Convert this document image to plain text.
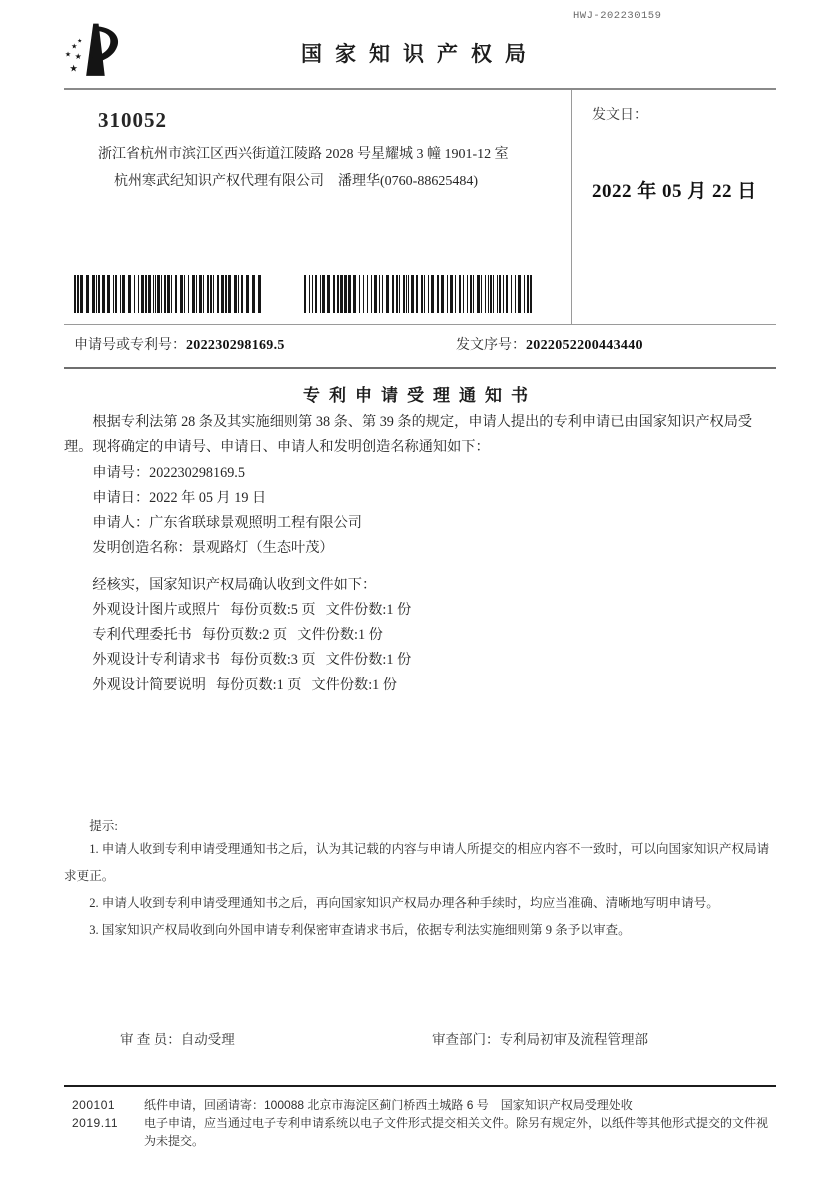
★
★
★ ★
★
HWJ-202230159
国家知识产权局

310052

浙江省杭州市滨江区西兴街道江陵路 2028 号星耀城 3 幢 1901-12 室

杭州寒武纪知识产权代理有限公司　潘理华(0760-88625484)

发文日：

2022 年 05 月 22 日

申请号或专利号：202230298169.5	发文序号：2022052200443440
专利申请受理通知书

根据专利法第 28 条及其实施细则第 38 条、第 39 条的规定，申请人提出的专利申请已由国家知识产权局受理。现将确定的申请号、申请日、申请人和发明创造名称通知如下：

申请号：202230298169.5
申请日：2022 年 05 月 19 日
申请人：广东省联球景观照明工程有限公司
发明创造名称：景观路灯（生态叶茂）
经核实，国家知识产权局确认收到文件如下：
外观设计图片或照片 每份页数:5 页 文件份数:1 份
专利代理委托书 每份页数:2 页 文件份数:1 份
外观设计专利请求书 每份页数:3 页 文件份数:1 份
外观设计简要说明 每份页数:1 页 文件份数:1 份

提示:

1. 申请人收到专利申请受理通知书之后，认为其记载的内容与申请人所提交的相应内容不一致时，可以向国家知识产权局请求更正。

2. 申请人收到专利申请受理通知书之后，再向国家知识产权局办理各种手续时，均应当准确、清晰地写明申请号。

3. 国家知识产权局收到向外国申请专利保密审查请求书后，依据专利法实施细则第 9 条予以审查。

审 查 员：自动受理	审查部门：专利局初审及流程管理部
200101	纸件申请，回函请寄：100088 北京市海淀区蓟门桥西土城路 6 号　国家知识产权局受理处收
2019.11	电子申请，应当通过电子专利申请系统以电子文件形式提交相关文件。除另有规定外，以纸件等其他形式提交的文件视为未提交。
